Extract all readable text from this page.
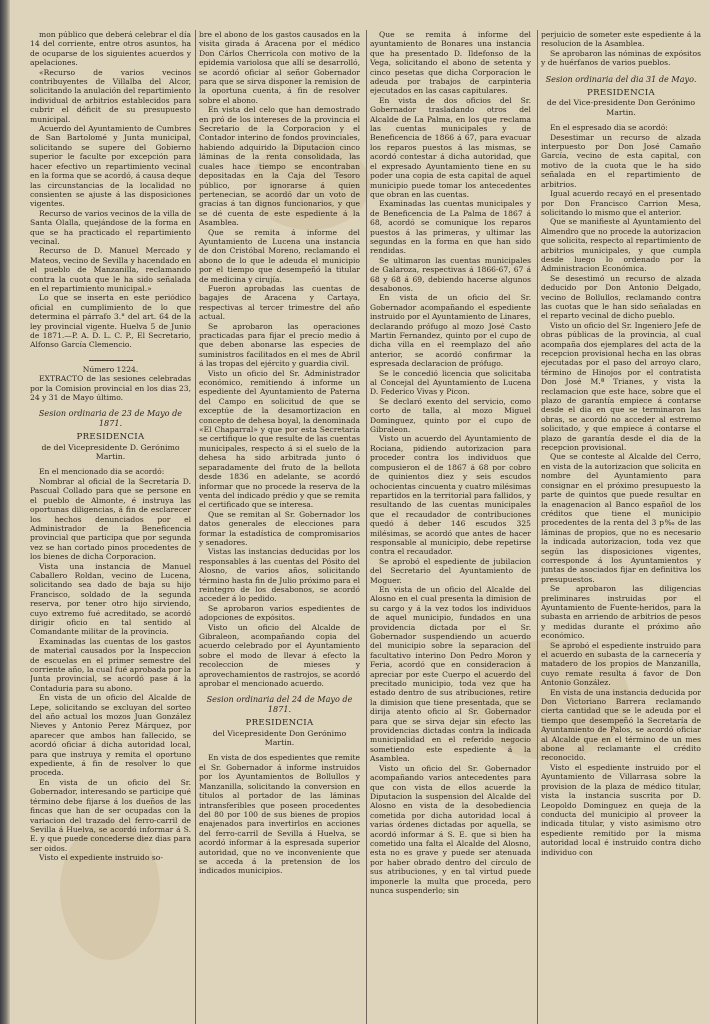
mon público que deberá celebrar el día 14 del corriente, entre otros asuntos, ha de ocuparse de los siguientes acuerdos y apelaciones.

«Recurso de varios vecinos contribuyentes de Villalba del Alcor, solicitando la anulación del repartimiento individual de arbitrios establecidos para cubrir el déficit de su presupuesto municipal.

Acuerdo del Ayuntamiento de Cumbres de San Bartolomé y Junta municipal, solicitando se supere del Gobierno superior le faculte por excepción para hacer efectivo un repartimiento vecinal en la forma que se acordó, á causa deque las circunstancias de la localidad no consienten se ajuste á las disposiciones vigentes.

Recurso de varios vecinos de la villa de Santa Olalla, quejándose de la forma en que se ha practicado el repartimiento vecinal.

Recurso de D. Manuel Mercado y Mateos, vecino de Sevilla y hacendado en el pueblo de Manzanilla, reclamando contra la cuota que le ha sido señalada en el repartimiento municipal.»

Lo que se inserta en este periódico oficial en cumplimiento de lo que determina el párrafo 3.° del art. 64 de la ley provincial vigente. Huelva 5 de Junio de 1871.—P. A. D. L. C. P., El Secretario, Alfonso García Clemencio.

Número 1224.

EXTRACTO de las sesiones celebradas por la Comision provincial en los dias 23, 24 y 31 de Mayo último.

Sesion ordinaria de 23 de Mayo de 1871.

PRESIDENCIA

de del Vicepresidente D. Gerónimo Martin.

En el mencionado dia se acordó:

Nombrar al oficial de la Secretaría D. Pascual Collado para que se persone en el pueblo de Almonte, é instruya las oportunas diligencias, á fin de esclarecer los hechos denunciados por el Administrador de la Beneficencia provincial que participa que por segunda vez se han cortado pinos procedentes de los bienes de dicha Corporacion.

Vista una instancia de Manuel Caballero Roldan, vecino de Lucena, solicitando sea dado de baja su hijo Francisco, soldado de la segunda reserva, por tener otro hijo sirviendo, cuyo extremo fué acreditado, se acordó dirigir oficio en tal sentido al Comandante militar de la provincia.

Examinadas las cuentas de los gastos de material causados por la Inspeccion de escuelas en el primer semestre del corriente año, la cual fué aprobada por la Junta provincial, se acordó pase á la Contaduria para su abono.

En vista de un oficio del Alcalde de Lepe, solicitando se excluyan del sorteo del año actual los mozos Juan González Nieves y Antonio Perez Márquez, por aparecer que ambos han fallecido, se acordó oficiar á dicha autoridad local, para que instruya y remita el oportuno expediente, á fin de resolver lo que proceda.

En vista de un oficio del Sr. Gobernador, interesando se participe qué término debe fijarse á los dueños de las fincas que han de ser ocupadas con la variacion del trazado del ferro-carril de Sevilla á Huelva, se acordó informar á S. E. y que puede concederse diez dias para ser oidos.

Visto el expediente instruido so-

bre el abono de los gastos causados en la visita girada á Aracena por el médico Don Cárlos Cherricola con motivo de la epidemia variolosa que allí se desarrolló, se acordó oficiar al señor Gobernador para que se sirva disponer la remision de la oportuna cuenta, á fin de resolver sobre el abono.

En vista del celo que han demostrado en pró de los intereses de la provincia el Secretario de la Corporacion y el Contador interino de fondos provinciales, habiendo adquirido la Diputacion cinco láminas de la renta consolidada, las cuales hace tiempo se encontraban depositadas en la Caja del Tesoro público, por ignorarse á quien pertenecian, se acordó dar un voto de gracias á tan dignos funcionarios, y que se dé cuenta de este espediente á la Asamblea.

Que se remita á informe del Ayuntamiento de Lucena una instancia de don Cristóbal Moreno, reclamando el abono de lo que le adeuda el municipio por el tiempo que desempeñó la titular de medicina y cirujía.

Fueron aprobadas las cuentas de bagajes de Aracena y Cartaya, respectivas al tercer trimestre del año actual.

Se aprobaron las operaciones practicadas para fijar el precio medio á que deben abonarse las especies de suministros facilitados en el mes de Abril á las tropas del ejército y guardia civil.

Visto un oficio del Sr. Administrador económico, remitiendo á informe un espediente del Ayuntamiento de Paterna del Campo en solicitud de que se exceptúe de la desamortizacion en concepto de dehesa boyal, la denominada «El Chaparral» y que por esta Secretaría se certifique lo que resulte de las cuentas municipales, respecto á si el suelo de la dehesa ha sido arbitrada junto ó separadamente del fruto de la bellota desde 1836 en adelante, se acordó informar que no procede la reserva de la venta del indicado prédio y que se remita el certificado que se interesa.

Que se remitan al Sr. Gobernador los datos generales de elecciones para formar la estadística de compromisarios y senadores.

Vistas las instancias deducidas por los responsables á las cuentas del Pósito del Alosno, de varios años, solicitando término hasta fin de Julio próximo para el reintegro de los desabonos, se acordó acceder á lo pedido.

Se aprobaron varios espedientes de adopciones de expósitos.

Visto un oficio del Alcalde de Gibraleon, acompañando copia del acuerdo celebrado por el Ayuntamiento sobre el modo de llevar á efecto la recoleccion de mieses y aprovechamientos de rastrojos, se acordó aprobar el mencionado acuerdo.

Sesion ordinaria del 24 de Mayo de 1871.

PRESIDENCIA

del Vicepresidente Don Gerónimo Martin.

En vista de dos espedientes que remite el Sr. Gobernador á informe instruidos por los Ayuntamientos de Bollullos y Manzanilla, solicitando la conversion en títulos al portador de las láminas intransferibles que poseen procedentes del 80 por 100 de sus bienes de propios enajenados para invertirlos en acciones del ferro-carril de Sevilla á Huelva, se acordó informar á la espresada superior autoridad, que no ve inconveniente que se acceda á la pretension de los indicados municipios.

Que se remita á informe del ayuntamiento de Bonares una instancia que ha presentado D. Ildefonso de la Vega, solicitando el abono de setenta y cinco pesetas que dicha Corporacion le adeuda por trabajos de carpinteria ejecutados en las casas capitulares.

En vista de dos oficios del Sr. Gobernador trasladando otros del Alcalde de La Palma, en los que reclama las cuentas municipales y de Beneficencia de 1866 á 67, para evacuar los reparos puestos á las mismas, se acordó contestar á dicha autoridad, que el expresado Ayuntamiento tiene en su poder una copia de esta capital de aquel municipio puede tomar los antecedentes que obran en las cuentas.

Examinadas las cuentas municipales y de Beneficencia de La Palma de 1867 á 68, acordó se comunique los reparos puestos á las primeras, y ultimar las segundas en la forma en que han sido rendidas.

Se ultimaron las cuentas municipales de Galaroza, respectivas á 1866-67, 67 á 68 y 68 á 69, debiendo hacerse algunos desabonos.

En vista de un oficio del Sr. Gobernador acompañando el espediente instruido por el Ayuntamiento de Linares, declarando prófugo al mozo José Casto Martin Fernandez, quinto por el cupo de dicha villa en el reemplazo del año anterior, se acordó confirmar la espresada declaracion de prófugo.

Se le concedió licencia que solicitaba al Concejal del Ayuntamiento de Lucena D. Federico Vivas y Picon.

Se declaró exento del servicio, como corto de talla, al mozo Miguel Dominguez, quinto por el cupo de Gibraleon.

Visto un acuerdo del Ayuntamiento de Rociana, pidiendo autorizacion para proceder contra los individuos que compusieron el de 1867 á 68 por cobro de quinientos diez y seis escudos ochocientas cincuenta y cuatro milésimas repartidos en la territorial para fallidos, y resultando de las cuentas municipales que el recaudador de contribuciones quedó á deber 146 escudos 325 milésimas, se acordó que antes de hacer responsable al municipio, debe repetirse contra el recaudador.

Se aprobó el espediente de jubilacion del Secretario del Ayuntamiento de Moguer.

En vista de un oficio del Alcalde del Alosno en el cual presenta la dimision de su cargo y á la vez todos los individuos de aquel municipio, fundados en una providencia dictada por el Sr. Gobernador suspendiendo un acuerdo del municipio sobre la separacion del facultativo interino Don Pedro Moron y Feria, acordó que en consideracion á apreciar por este Cuerpo el acuerdo del precitado municipio, toda vez que ha estado dentro de sus atribuciones, retire la dimision que tiene presentada, que se dirija atento oficio al Sr. Gobernador para que se sirva dejar sin efecto las providencias dictadas contra la indicada municipalidad en el referido negocio sometiendo este espediente á la Asamblea.

Visto un oficio del Sr. Gobernador acompañando varios antecedentes para que con vista de ellos acuerde la Diputacion la suspension del Alcalde del Alosno en vista de la desobediencia cometida por dicha autoridad local á varias órdenes dictadas por aquella, se acordó informar á S. E. que si bien ha cometido una falta el Alcalde del Alosno, esta no es grave y puede ser atenuada por haber obrado dentro del círculo de sus atribuciones, y en tal virtud puede imponerle la multa que proceda, pero nunca suspenderlo; sin

perjuicio de someter este espediente á la resolucion de la Asamblea.

Se aprobaron las nóminas de expósitos y de huérfanos de varios pueblos.

Sesion ordinaria del dia 31 de Mayo.

PRESIDENCIA

de del Vice-presidente Don Gerónimo Martin.

En el espresado dia se acordó:

Desestimar un recurso de alzada interpuesto por Don José Camaño García, vecino de esta capital, con motivo de la cuota que le ha sido señalada en el repartimiento de arbitrios.

Igual acuerdo recayó en el presentado por Don Francisco Carrion Mesa, solicitando lo mismo que el anterior.

Que se manifieste al Ayuntamiento del Almendro que no procede la autorizacion que solicita, respecto al repartimiento de arbitrios municipales, y que cumpla desde luego lo ordenado por la Administracion Económica.

Se desestimó un recurso de alzada deducido por Don Antonio Delgado, vecino de Bollullos, reclamando contra las cuotas que le han sido señaladas en el reparto vecinal de dicho pueblo.

Visto un oficio del Sr. Ingeniero Jefe de obras públicas de la provincia, al cual acompaña dos ejemplares del acta de la recepcion provisional hecha en las obras ejecutadas por el paso del arroyo claro, término de Hinojos por el contratista Don José M.ª Trianes, y vista la reclamacion que este hace, sobre que el plazo de garantía empiece á contarse desde el dia en que se terminaron las obras, se acordó no acceder al estremo solicitado, y que empiece á contarse el plazo de garantía desde el dia de la recepcion provisional.

Que se conteste al Alcalde del Cerro, en vista de la autorizacion que solicita en nombre del Ayuntamiento para consignar en el próximo presupuesto la parte de quintos que puede resultar en la enagenacion al Banco español de los créditos que tiene el municipio procedentes de la renta del 3 p‰ de las láminas de propios, que no es necesario la indicada autorizacion, toda vez que según las disposiciones vigentes, corresponde á los Ayuntamientos y juntas de asociados fijar en definitiva los presupuestos.

Se aprobaron las diligencias preliminares instruidas por el Ayuntamiento de Fuente-heridos, para la subasta en arriendo de arbitrios de pesos y medidas durante el próximo año económico.

Se aprobó el espediente instruido para el acuerdo en subasta de la carnecería y matadero de los propios de Manzanilla, cuyo remate resulta á favor de Don Antonio González.

En vista de una instancia deducida por Don Victoriano Barrera reclamando cierta cantidad que se le adeuda por el tiempo que desempeñó la Secretaría de Ayuntamiento de Palos, se acordó oficiar al Alcalde que en el término de un mes abone al reclamante el crédito reconocido.

Visto el espediente instruido por el Ayuntamiento de Villarrasa sobre la provision de la plaza de médico titular, vista la instancia suscrita por D. Leopoldo Dominguez en queja de la conducta del municipio al proveer la indicada titular, y visto asimismo otro espediente remitido por la misma autoridad local é instruido contra dicho individuo con
